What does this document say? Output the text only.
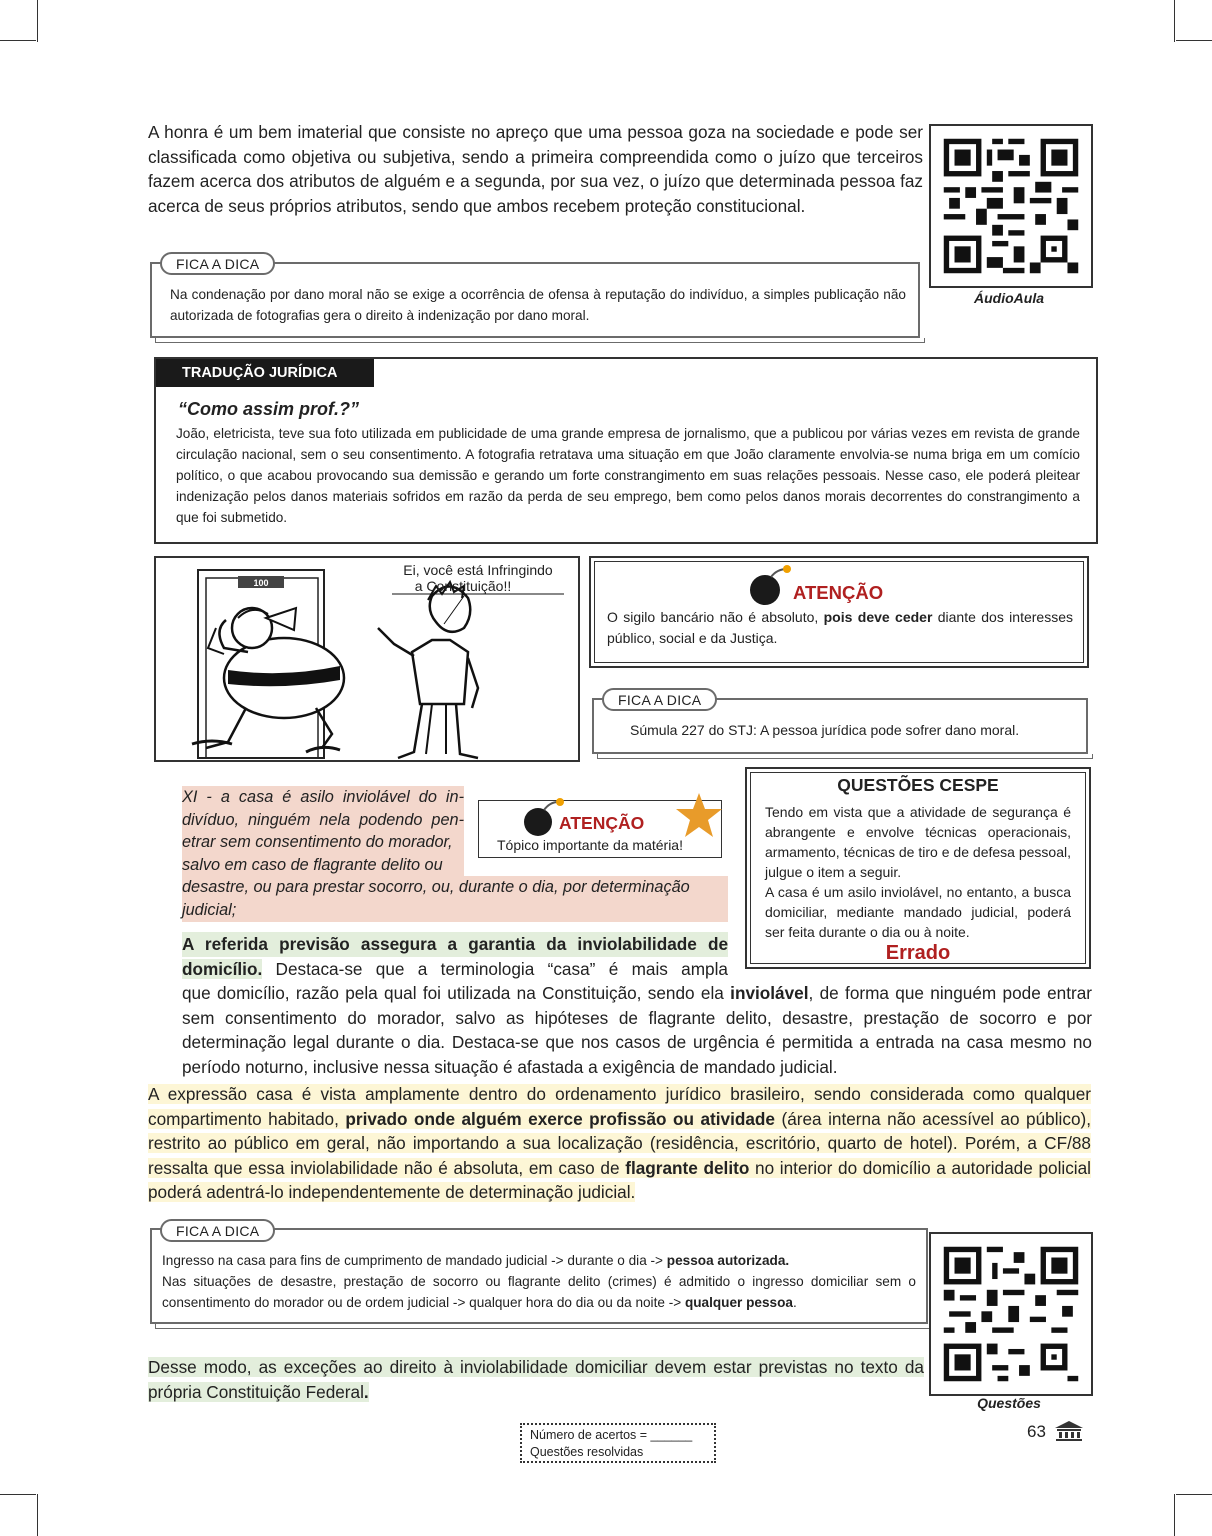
A honra é um bem imaterial que consiste no apreço que uma pessoa goza na sociedade e pode ser classificada como objetiva ou subjetiva, sendo a primeira compreendida como o juízo que terceiros fazem acerca dos atributos de alguém e a segunda, por sua vez, o juízo que determinada pessoa faz acerca de seus próprios atributos, sendo que ambos recebem proteção constitucional.
ÁudioAula
Na condenação por dano moral não se exige a ocorrência de ofensa à reputação do indivíduo, a simples publicação não autorizada de fotografias gera o direito à indenização por dano moral.
FICA A DICA
TRADUÇÃO JURÍDICA
“Como assim prof.?”
João, eletricista, teve sua foto utilizada em publicidade de uma grande empresa de jornalismo, que a publicou por várias vezes em revista de grande circulação nacional, sem o seu consentimento. A fotografia retratava uma situação em que João claramente envolvia-se numa briga em um comício político, o que acabou provocando sua demissão e gerando um forte constrangimento em suas relações pessoais. Nesse caso, ele poderá pleitear indenização pelos danos materiais sofridos em razão da perda de seu emprego, bem como pelos danos morais decorrentes do constrangimento a que foi submetido.
100
Ei, você está Infringindo
a Constituição!!	ATENÇÃO
O sigilo bancário não é absoluto, pois deve ceder diante dos interesses público, social e da Justiça.
Súmula 227 do STJ: A pessoa jurídica pode sofrer dano moral.
FICA A DICA
XI - a casa é asilo inviolável do in-
divíduo, ninguém nela podendo pen-
etrar sem consentimento do morador,
salvo em caso de flagrante delito ou
desastre, ou para prestar socorro, ou, durante o dia, por determinação
judicial;
ATENÇÃO
Tópico importante da matéria!
QUESTÕES CESPE
Tendo em vista que a atividade de segurança é abrangente e envolve técnicas operacionais, armamento, técnicas de tiro e de defesa pessoal, julgue o item a seguir.
A casa é um asilo inviolável, no entanto, a busca domiciliar, mediante mandado judicial, poderá ser feita durante o dia ou à noite.
Errado
A referida previsão assegura a garantia da inviolabilidade de
domicílio. Destaca-se que a terminologia “casa” é mais ampla
que domicílio, razão pela qual foi utilizada na Constituição, sendo ela inviolável, de forma que ninguém pode entrar sem consentimento do morador, salvo as hipóteses de flagrante delito, desastre, prestação de socorro e por determinação legal durante o dia. Destaca-se que nos casos de urgência é permitida a entrada na casa mesmo no período noturno, inclusive nessa situação é afastada a exigência de mandado judicial.
A expressão casa é vista amplamente dentro do ordenamento jurídico brasileiro, sendo considerada como qualquer compartimento habitado, privado onde alguém exerce profissão ou atividade (área interna não acessível ao público), restrito ao público em geral, não importando a sua localização (residência, escritório, quarto de hotel). Porém, a CF/88 ressalta que essa inviolabilidade não é absoluta, em caso de flagrante delito no interior do domicílio a autoridade policial poderá adentrá-lo independentemente de determinação judicial.
Ingresso na casa para fins de cumprimento de mandado judicial -> durante o dia -> pessoa autorizada.
Nas situações de desastre, prestação de socorro ou flagrante delito (crimes) é admitido o ingresso domiciliar sem o consentimento do morador ou de ordem judicial -> qualquer hora do dia ou da noite -> qualquer pessoa.
FICA A DICA
Questões
Desse modo, as exceções ao direito à inviolabilidade domiciliar devem estar previstas no texto da própria Constituição Federal.
Número de acertos = ______
Questões resolvidas
63
